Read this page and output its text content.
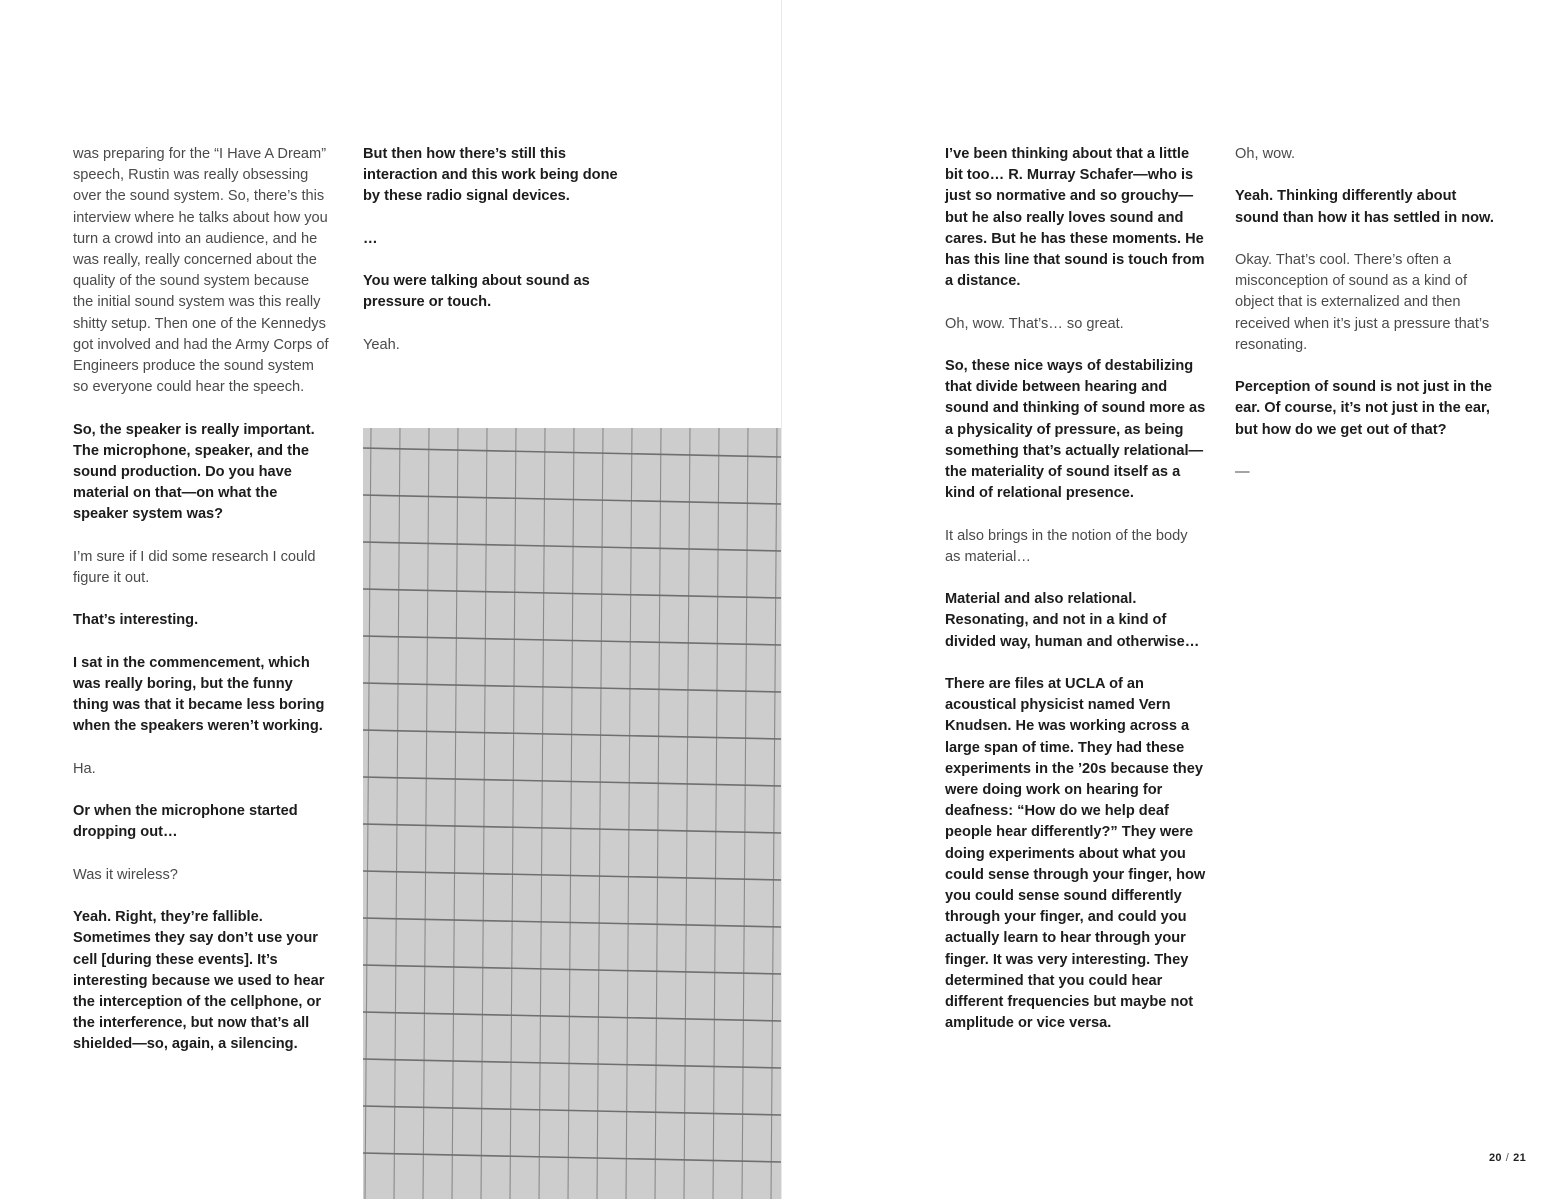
was preparing for the “I Have A Dream” speech, Rustin was really obsessing over the sound system. So, there’s this interview where he talks about how you turn a crowd into an audience, and he was really, really concerned about the quality of the sound system because the initial sound system was this really shitty setup. Then one of the Kennedys got involved and had the Army Corps of Engineers produce the sound system so everyone could hear the speech.

So, the speaker is really important. The microphone, speaker, and the sound production. Do you have material on that—on what the speaker system was?

I’m sure if I did some research I could figure it out.

That’s interesting.

I sat in the commencement, which was really boring, but the funny thing was that it became less boring when the speakers weren’t working.

Ha.

Or when the microphone started dropping out…

Was it wireless?

Yeah. Right, they’re fallible. Sometimes they say don’t use your cell [during these events]. It’s interesting because we used to hear the interception of the cellphone, or the interference, but now that’s all shielded—so, again, a silencing.

But then how there’s still this interaction and this work being done by these radio signal devices.

…

You were talking about sound as pressure or touch.

Yeah.

I’ve been thinking about that a little bit too… R. Murray Schafer—who is just so normative and so grouchy—but he also really loves sound and cares. But he has these moments. He has this line that sound is touch from a distance.

Oh, wow. That’s… so great.

So, these nice ways of destabilizing that divide between hearing and sound and thinking of sound more as a physicality of pressure, as being something that’s actually relational—the materiality of sound itself as a kind of relational presence.

It also brings in the notion of the body as material…

Material and also relational. Resonating, and not in a kind of divided way, human and otherwise…

There are files at UCLA of an acoustical physicist named Vern Knudsen. He was working across a large span of time. They had these experiments in the ’20s because they were doing work on hearing for deafness: “How do we help deaf people hear differently?” They were doing experiments about what you could sense through your finger, how you could sense sound differently through your finger, and could you actually learn to hear through your finger. It was very interesting. They determined that you could hear different frequencies but maybe not amplitude or vice versa.

Oh, wow.

Yeah. Thinking differently about sound than how it has settled in now.

Okay. That’s cool. There’s often a misconception of sound as a kind of object that is externalized and then received when it’s just a pressure that’s resonating.

Perception of sound is not just in the ear. Of course, it’s not just in the ear, but how do we get out of that?

—

20 / 21
